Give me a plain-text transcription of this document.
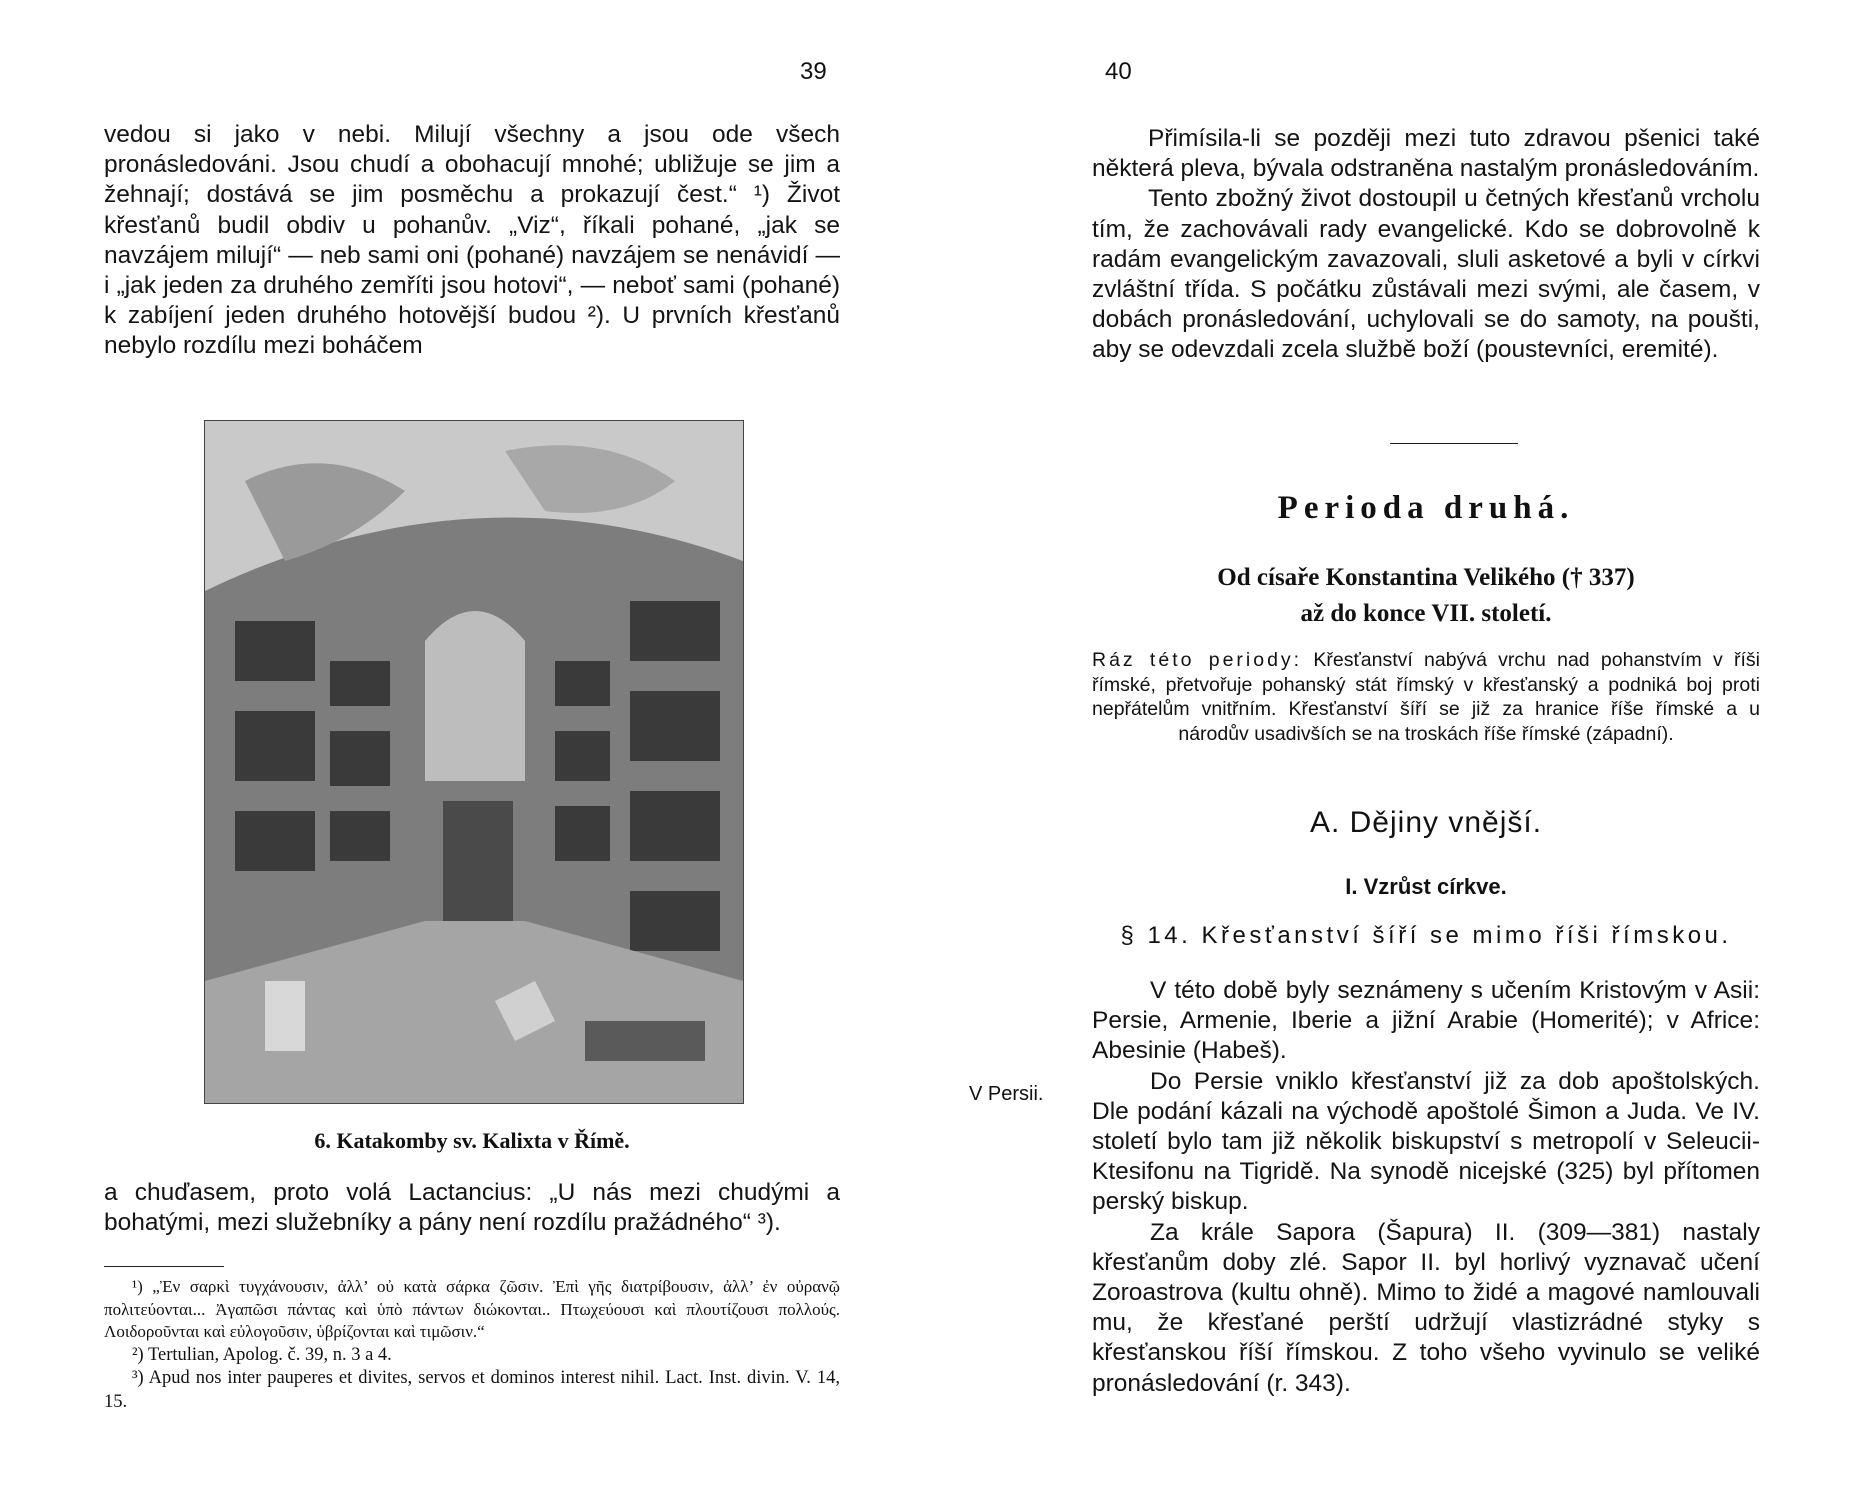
39

vedou si jako v nebi. Milují všechny a jsou ode všech pronásledováni. Jsou chudí a obohacují mnohé; ubližuje se jim a žehnají; dostává se jim posměchu a prokazují čest.“ ¹) Život křesťanů budil obdiv u pohanův. „Viz“, říkali pohané, „jak se navzájem milují“ — neb sami oni (pohané) navzájem se nenávidí — i „jak jeden za druhého zemříti jsou hotovi“, — neboť sami (pohané) k zabíjení jeden druhého hotovější budou ²). U prvních křesťanů nebylo rozdílu mezi boháčem

6. Katakomby sv. Kalixta v Římě.

a chuďasem, proto volá Lactancius: „U nás mezi chudými a bohatými, mezi služebníky a pány není rozdílu pražádného“ ³).

¹) „Ἐν σαρκὶ τυγχάνουσιν, ἀλλ’ οὐ κατὰ σάρκα ζῶσιν. Ἐπὶ γῆς διατρίβουσιν, ἀλλ’ ἐν οὐρανῷ πολιτεύονται... Ἀγαπῶσι πάντας καὶ ὑπὸ πάντων διώκονται.. Πτωχεύουσι καὶ πλουτίζουσι πολλούς. Λοιδοροῦνται καὶ εὐλογοῦσιν, ὑβρίζονται καὶ τιμῶσιν.“

²) Tertulian, Apolog. č. 39, n. 3 a 4.

³) Apud nos inter pauperes et divites, servos et dominos interest nihil. Lact. Inst. divin. V. 14, 15.

40

Přimísila-li se později mezi tuto zdravou pšenici také některá pleva, bývala odstraněna nastalým pronásledováním.

Tento zbožný život dostoupil u četných křesťanů vrcholu tím, že zachovávali rady evangelické. Kdo se dobrovolně k radám evangelickým zavazovali, sluli asketové a byli v církvi zvláštní třída. S počátku zůstávali mezi svými, ale časem, v dobách pronásledování, uchylovali se do samoty, na poušti, aby se odevzdali zcela službě boží (poustevníci, eremité).

Perioda druhá.
Od císaře Konstantina Velikého († 337)
až do konce VII. století.

Ráz této periody: Křesťanství nabývá vrchu nad pohanstvím v říši římské, přetvořuje pohanský stát římský v křesťanský a podniká boj proti nepřátelům vnitřním. Křesťanství šíří se již za hranice říše římské a u národův usadivších se na troskách říše římské (západní).

A. Dějiny vnější.
I. Vzrůst církve.
§ 14. Křesťanství šíří se mimo říši římskou.
V Persii.

V této době byly seznámeny s učením Kristovým v Asii: Persie, Armenie, Iberie a jižní Arabie (Homerité); v Africe: Abesinie (Habeš).

Do Persie vniklo křesťanství již za dob apoštolských. Dle podání kázali na východě apoštolé Šimon a Juda. Ve IV. století bylo tam již několik biskupství s metropolí v Seleucii-Ktesifonu na Tigridě. Na synodě nicejské (325) byl přítomen perský biskup.

Za krále Sapora (Šapura) II. (309—381) nastaly křesťanům doby zlé. Sapor II. byl horlivý vyznavač učení Zoroastrova (kultu ohně). Mimo to židé a magové namlouvali mu, že křesťané perští udržují vlastizrádné styky s křesťanskou říší římskou. Z toho všeho vyvinulo se veliké pronásledování (r. 343).
